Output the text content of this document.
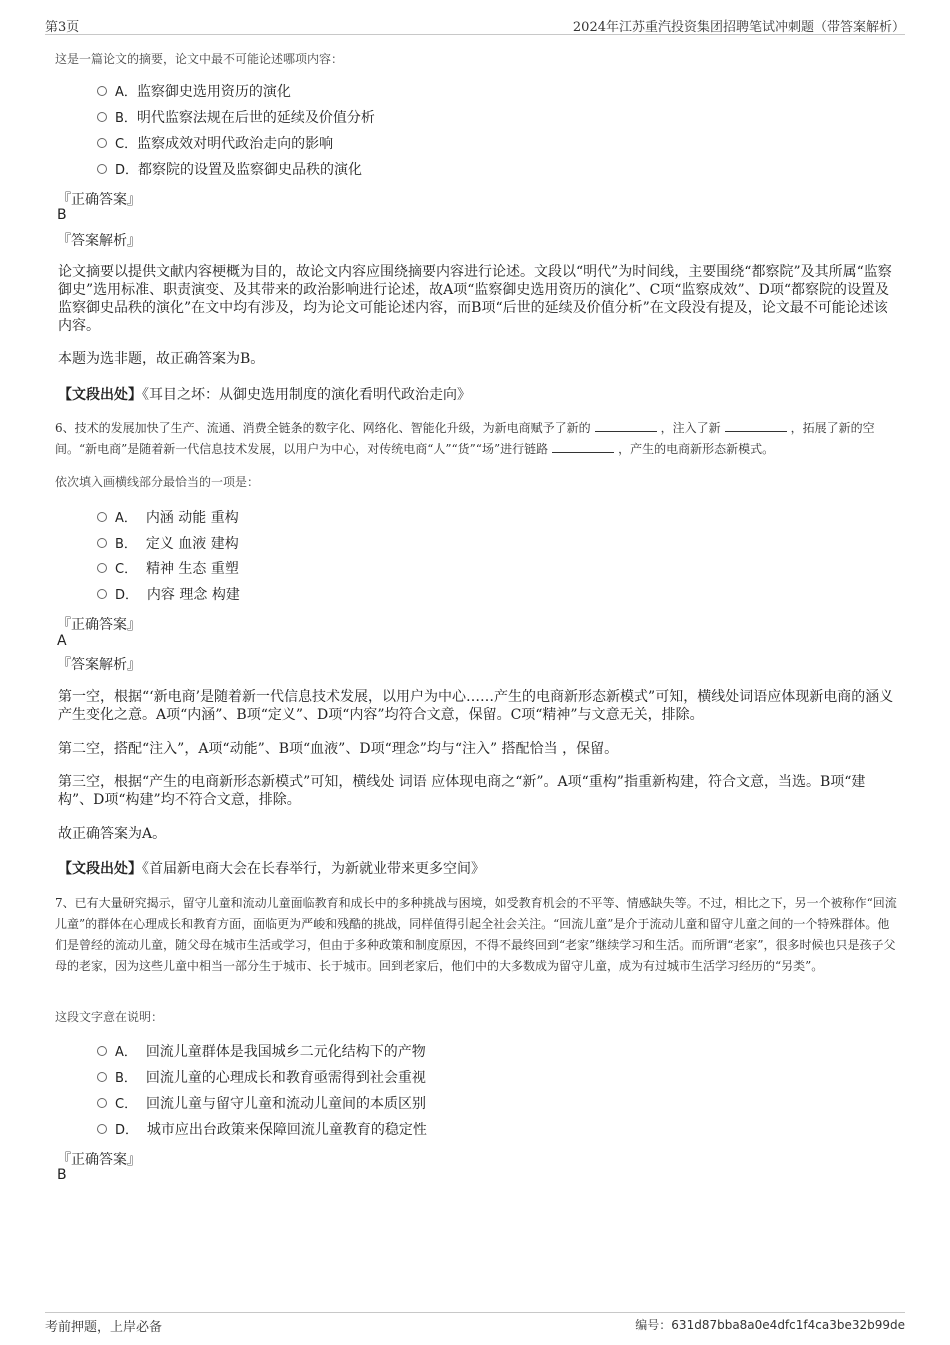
第3页	2024年江苏重汽投资集团招聘笔试冲刺题（带答案解析）
这是一篇论文的摘要，论文中最不可能论述哪项内容：
A．监察御史选用资历的演化
B．明代监察法规在后世的延续及价值分析
C．监察成效对明代政治走向的影响
D．都察院的设置及监察御史品秩的演化
『正确答案』
B
『答案解析』
论文摘要以提供文献内容梗概为目的，故论文内容应围绕摘要内容进行论述。文段以“明代”为时间线，主要围绕“都察院”及其所属“监察御史”选用标准、职责演变、及其带来的政治影响进行论述，故A项“监察御史选用资历的演化”、C项“监察成效”、D项“都察院的设置及监察御史品秩的演化”在文中均有涉及，均为论文可能论述内容，而B项“后世的延续及价值分析”在文段没有提及，论文最不可能论述该内容。
本题为选非题，故正确答案为B。
【文段出处】《耳目之坏：从御史选用制度的演化看明代政治走向》
6、技术的发展加快了生产、流通、消费全链条的数字化、网络化、智能化升级，为新电商赋予了新的	，注入了新	，拓展了新的空间。“新电商”是随着新一代信息技术发展，以用户为中心，对传统电商“人”“货”“场”进行链路	，产生的电商新形态新模式。
依次填入画横线部分最恰当的一项是：
A． 内涵 动能 重构
B． 定义 血液 建构
C． 精神 生态 重塑
D． 内容 理念 构建
『正确答案』
A
『答案解析』
第一空，根据“‘新电商’是随着新一代信息技术发展，以用户为中心……产生的电商新形态新模式”可知，横线处词语应体现新电商的涵义产生变化之意。A项“内涵”、B项“定义”、D项“内容”均符合文意，保留。C项“精神”与文意无关，排除。
第二空，搭配“注入”，A项“动能”、B项“血液”、D项“理念”均与“注入” 搭配恰当 ，保留。
第三空，根据“产生的电商新形态新模式”可知，横线处 词语 应体现电商之“新”。A项“重构”指重新构建，符合文意，当选。B项“建构”、D项“构建”均不符合文意，排除。
故正确答案为A。
【文段出处】《首届新电商大会在长春举行，为新就业带来更多空间》
7、已有大量研究揭示，留守儿童和流动儿童面临教育和成长中的多种挑战与困境，如受教育机会的不平等、情感缺失等。不过，相比之下，另一个被称作“回流儿童”的群体在心理成长和教育方面，面临更为严峻和残酷的挑战，同样值得引起全社会关注。“回流儿童”是介于流动儿童和留守儿童之间的一个特殊群体。他们是曾经的流动儿童，随父母在城市生活或学习，但由于多种政策和制度原因，不得不最终回到“老家”继续学习和生活。而所谓“老家”，很多时候也只是孩子父母的老家，因为这些儿童中相当一部分生于城市、长于城市。回到老家后，他们中的大多数成为留守儿童，成为有过城市生活学习经历的“另类”。
这段文字意在说明：
A． 回流儿童群体是我国城乡二元化结构下的产物
B． 回流儿童的心理成长和教育亟需得到社会重视
C． 回流儿童与留守儿童和流动儿童间的本质区别
D． 城市应出台政策来保障回流儿童教育的稳定性
『正确答案』
B
考前押题，上岸必备	编号：631d87bba8a0e4dfc1f4ca3be32b99de
